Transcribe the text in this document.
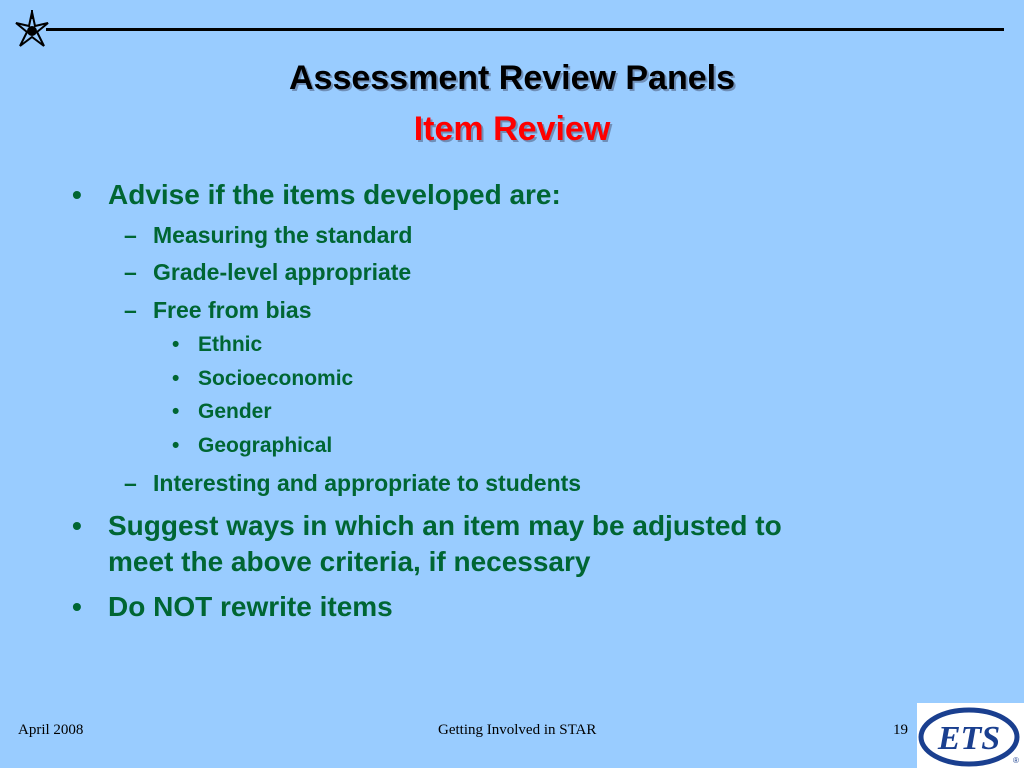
Assessment Review Panels
Item Review
• Advise if the items developed are:
– Measuring the standard
– Grade-level appropriate
– Free from bias
• Ethnic
• Socioeconomic
• Gender
• Geographical
– Interesting and appropriate to students
• Suggest ways in which an item may be adjusted to
meet the above criteria, if necessary
• Do NOT rewrite items
April 2008	Getting Involved in STAR	19 ETS
®
